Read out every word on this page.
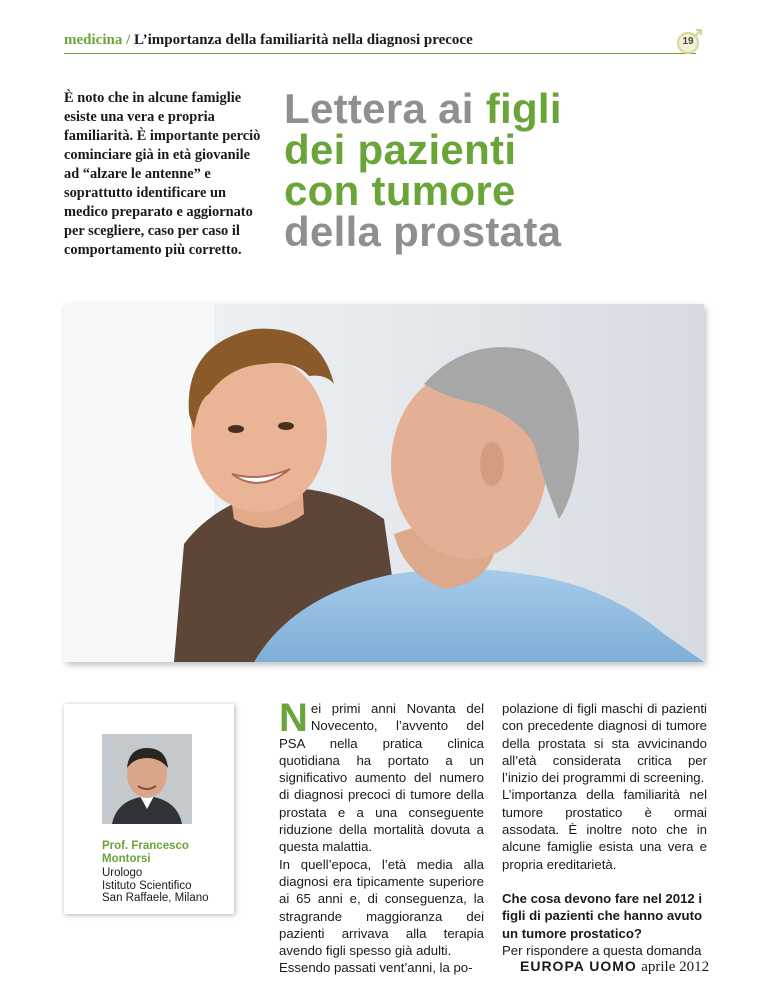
medicina / L’importanza della familiarità nella diagnosi precoce	19

È noto che in alcune famiglie esiste una vera e propria familiarità. È importante perciò cominciare già in età giovanile ad “alzare le antenne” e soprattutto identificare un medico preparato e aggiornato per scegliere, caso per caso il comportamento più corretto.

Lettera ai figli
dei pazienti
con tumore
della prostata
Prof. Francesco Montorsi
Urologo
Istituto Scientifico
San Raffaele, Milano

Nei primi anni Novanta del Novecento, l’avvento del PSA nella pratica clinica quotidiana ha portato a un significativo aumento del numero di diagnosi precoci di tumore della prostata e a una conseguente riduzione della mortalità dovuta a questa malattia.

In quell’epoca, l’età media alla diagnosi era tipicamente superiore ai 65 anni e, di conseguenza, la stragrande maggioranza dei pazienti arrivava alla terapia avendo figli spesso già adulti.

Essendo passati vent’anni, la po-

polazione di figli maschi di pazienti con precedente diagnosi di tumore della prostata si sta avvicinando all’età considerata critica per l’inizio dei programmi di screening.

L’importanza della familiarità nel tumore prostatico è ormai assodata. È inoltre noto che in alcune famiglie esista una vera e propria ereditarietà.

Che cosa devono fare nel 2012 i figli di pazienti che hanno avuto un tumore prostatico?

Per rispondere a questa domanda

EUROPA UOMO aprile 2012
